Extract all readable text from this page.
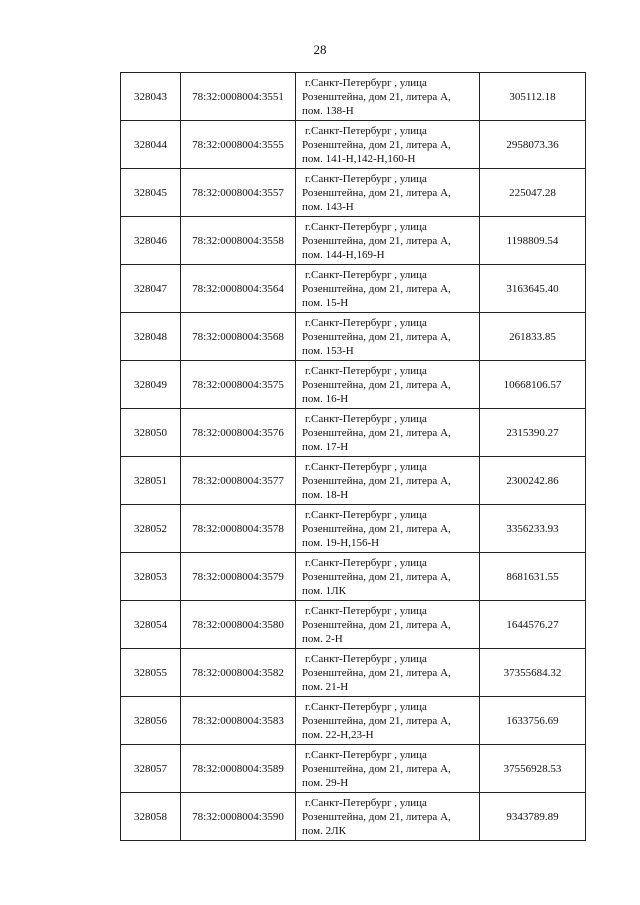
28
328043	78:32:0008004:3551	г.Санкт-Петербург , улица
Розенштейна, дом 21, литера А,
пом. 138-Н	305112.18
328044	78:32:0008004:3555	г.Санкт-Петербург , улица
Розенштейна, дом 21, литера А,
пом. 141-Н,142-Н,160-Н	2958073.36
328045	78:32:0008004:3557	г.Санкт-Петербург , улица
Розенштейна, дом 21, литера А,
пом. 143-Н	225047.28
328046	78:32:0008004:3558	г.Санкт-Петербург , улица
Розенштейна, дом 21, литера А,
пом. 144-Н,169-Н	1198809.54
328047	78:32:0008004:3564	г.Санкт-Петербург , улица
Розенштейна, дом 21, литера А,
пом. 15-Н	3163645.40
328048	78:32:0008004:3568	г.Санкт-Петербург , улица
Розенштейна, дом 21, литера А,
пом. 153-Н	261833.85
328049	78:32:0008004:3575	г.Санкт-Петербург , улица
Розенштейна, дом 21, литера А,
пом. 16-Н	10668106.57
328050	78:32:0008004:3576	г.Санкт-Петербург , улица
Розенштейна, дом 21, литера А,
пом. 17-Н	2315390.27
328051	78:32:0008004:3577	г.Санкт-Петербург , улица
Розенштейна, дом 21, литера А,
пом. 18-Н	2300242.86
328052	78:32:0008004:3578	г.Санкт-Петербург , улица
Розенштейна, дом 21, литера А,
пом. 19-Н,156-Н	3356233.93
328053	78:32:0008004:3579	г.Санкт-Петербург , улица
Розенштейна, дом 21, литера А,
пом. 1ЛК	8681631.55
328054	78:32:0008004:3580	г.Санкт-Петербург , улица
Розенштейна, дом 21, литера А,
пом. 2-Н	1644576.27
328055	78:32:0008004:3582	г.Санкт-Петербург , улица
Розенштейна, дом 21, литера А,
пом. 21-Н	37355684.32
328056	78:32:0008004:3583	г.Санкт-Петербург , улица
Розенштейна, дом 21, литера А,
пом. 22-Н,23-Н	1633756.69
328057	78:32:0008004:3589	г.Санкт-Петербург , улица
Розенштейна, дом 21, литера А,
пом. 29-Н	37556928.53
328058	78:32:0008004:3590	г.Санкт-Петербург , улица
Розенштейна, дом 21, литера А,
пом. 2ЛК	9343789.89
